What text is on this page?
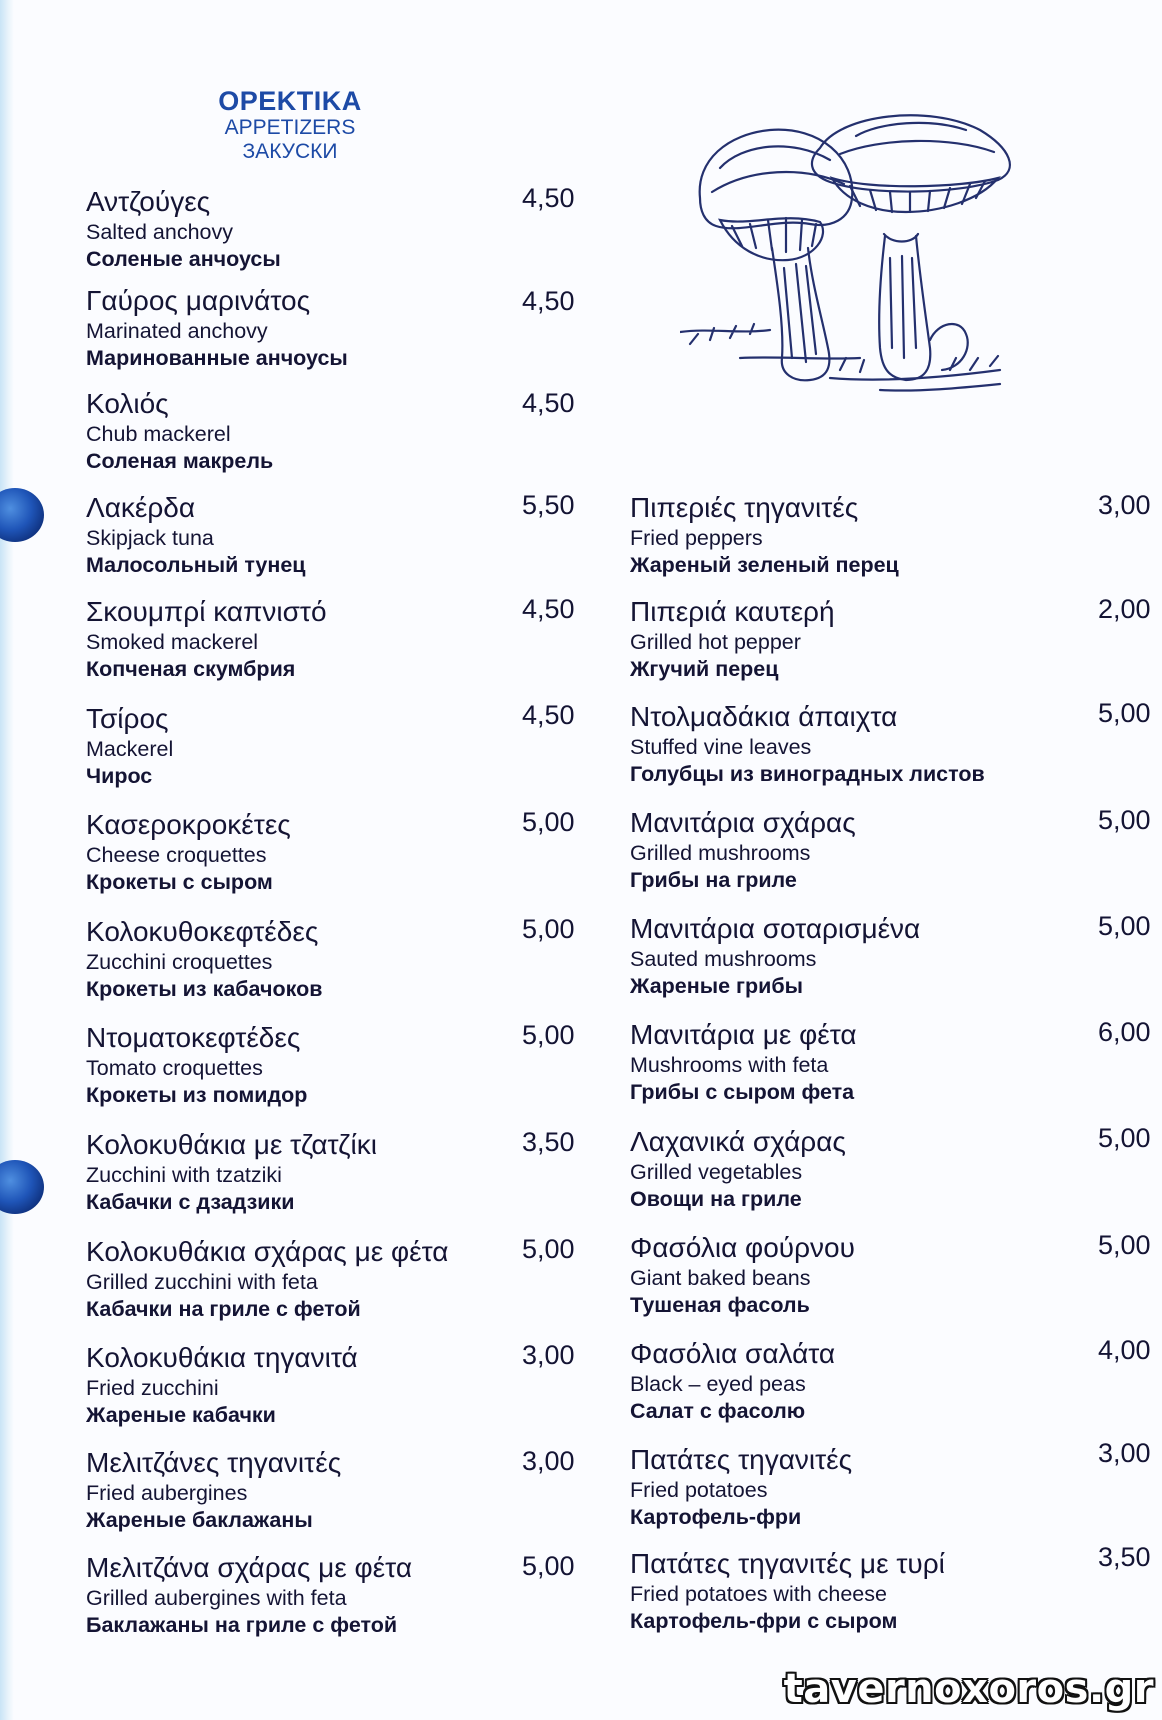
ΟΡΕΚΤΙΚΑ
APPETIZERS
ЗАКУСКИ
Αντζούγες
Salted anchovy
Соленые анчоусы
4,50
Γαύρος μαρινάτος
Marinated anchovy
Маринованные анчоусы
4,50
Κολιός
Chub mackerel
Соленая макрель
4,50
Λακέρδα
Skipjack tuna
Малосольный тунец
5,50
Σκουμπρί καπνιστό
Smoked mackerel
Копченая скумбрия
4,50
Τσίρος
Mackerel
Чирос
4,50
Κασεροκροκέτες
Cheese croquettes
Крокеты с сыром
5,00
Κολοκυθοκεφτέδες
Zucchini croquettes
Крокеты из кабачоков
5,00
Ντοματοκεφτέδες
Tomato croquettes
Крокеты из помидор
5,00
Κολοκυθάκια με τζατζίκι
Zucchini with tzatziki
Кабачки с дзадзики
3,50
Κολοκυθάκια σχάρας με φέτα
Grilled zucchini with feta
Кабачки на гриле с фетой
5,00
Κολοκυθάκια τηγανιτά
Fried zucchini
Жареные кабачки
3,00
Μελιτζάνες τηγανιτές
Fried aubergines
Жареные баклажаны
3,00
Μελιτζάνα σχάρας με φέτα
Grilled aubergines with feta
Баклажаны на гриле с фетой
5,00
Πιπεριές τηγανιτές
Fried peppers
Жареный зеленый перец
3,00
Πιπεριά καυτερή
Grilled hot pepper
Жгучий перец
2,00
Ντολμαδάκια άπαιχτα
Stuffed vine leaves
Голубцы из виноградных листов
5,00
Μανιτάρια σχάρας
Grilled mushrooms
Грибы на гриле
5,00
Μανιτάρια σοταρισμένα
Sauted mushrooms
Жареные грибы
5,00
Μανιτάρια με φέτα
Mushrooms with feta
Грибы с сыром фета
6,00
Λαχανικά σχάρας
Grilled vegetables
Овощи на гриле
5,00
Φασόλια φούρνου
Giant baked beans
Тушеная фасоль
5,00
Φασόλια σαλάτα
Black – eyed peas
Салат с фасолю
4,00
Πατάτες τηγανιτές
Fried potatoes
Картофель-фри
3,00
Πατάτες τηγανιτές με τυρί
Fried potatoes with cheese
Картофель-фри с сыром
3,50
tavernoxoros.gr
